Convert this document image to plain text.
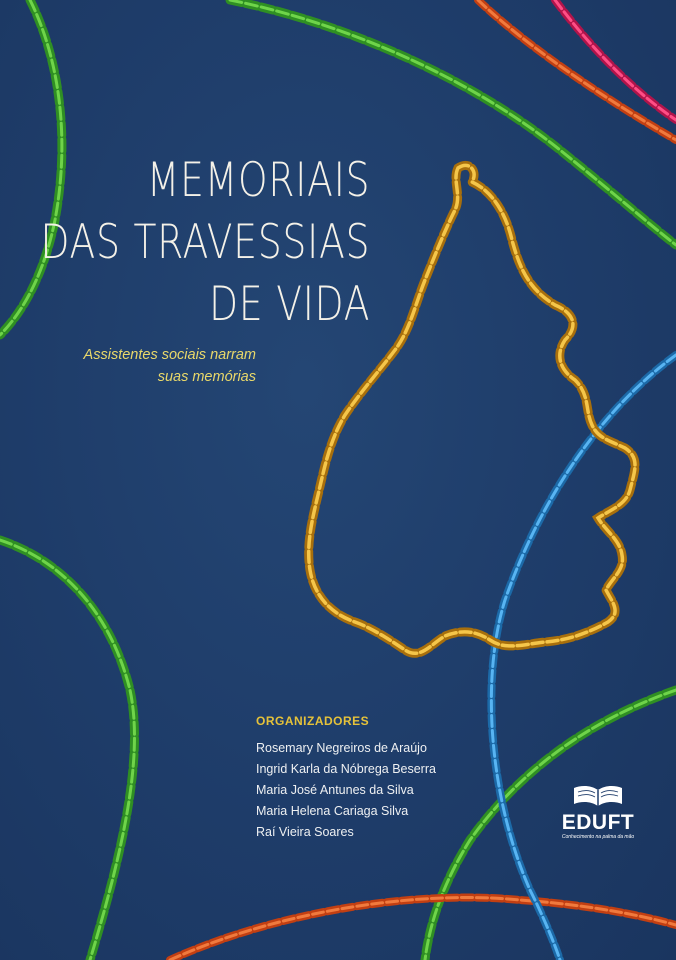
MEMORIAIS
DAS TRAVESSIAS
DE VIDA
Assistentes sociais narram
suas memórias
ORGANIZADORES
Rosemary Negreiros de Araújo
Ingrid Karla da Nóbrega Beserra
Maria José Antunes da Silva
Maria Helena Cariaga Silva
Raí Vieira Soares	EDUFT
Conhecimento na palma da mão
